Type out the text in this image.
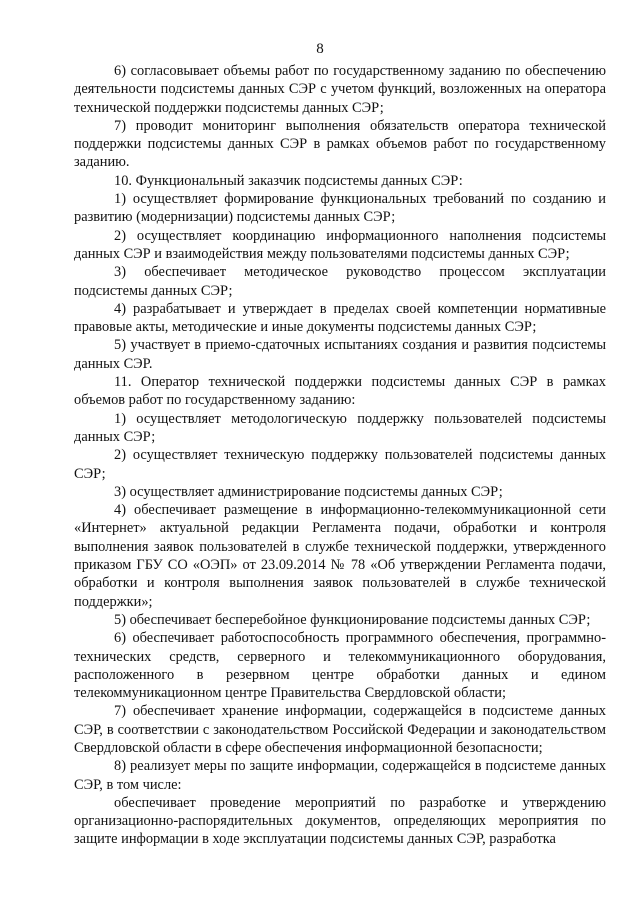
8

6) согласовывает объемы работ по государственному заданию по обеспечению деятельности подсистемы данных СЭР с учетом функций, возложенных на оператора технической поддержки подсистемы данных СЭР;

7) проводит мониторинг выполнения обязательств оператора технической поддержки подсистемы данных СЭР в рамках объемов работ по государственному заданию.

10. Функциональный заказчик подсистемы данных СЭР:

1) осуществляет формирование функциональных требований по созданию и развитию (модернизации) подсистемы данных СЭР;

2) осуществляет координацию информационного наполнения подсистемы данных СЭР и взаимодействия между пользователями подсистемы данных СЭР;

3) обеспечивает методическое руководство процессом эксплуатации подсистемы данных СЭР;

4) разрабатывает и утверждает в пределах своей компетенции нормативные правовые акты, методические и иные документы подсистемы данных СЭР;

5) участвует в приемо-сдаточных испытаниях создания и развития подсистемы данных СЭР.

11. Оператор технической поддержки подсистемы данных СЭР в рамках объемов работ по государственному заданию:

1) осуществляет методологическую поддержку пользователей подсистемы данных СЭР;

2) осуществляет техническую поддержку пользователей подсистемы данных СЭР;

3) осуществляет администрирование подсистемы данных СЭР;

4) обеспечивает размещение в информационно-телекоммуникационной сети «Интернет» актуальной редакции Регламента подачи, обработки и контроля выполнения заявок пользователей в службе технической поддержки, утвержденного приказом ГБУ СО «ОЭП» от 23.09.2014 № 78 «Об утверждении Регламента подачи, обработки и контроля выполнения заявок пользователей в службе технической поддержки»;

5) обеспечивает бесперебойное функционирование подсистемы данных СЭР;

6) обеспечивает работоспособность программного обеспечения, программно-технических средств, серверного и телекоммуникационного оборудования, расположенного в резервном центре обработки данных и едином телекоммуникационном центре Правительства Свердловской области;

7) обеспечивает хранение информации, содержащейся в подсистеме данных СЭР, в соответствии с законодательством Российской Федерации и законодательством Свердловской области в сфере обеспечения информационной безопасности;

8) реализует меры по защите информации, содержащейся в подсистеме данных СЭР, в том числе:

обеспечивает проведение мероприятий по разработке и утверждению организационно-распорядительных документов, определяющих мероприятия по защите информации в ходе эксплуатации подсистемы данных СЭР, разработка
